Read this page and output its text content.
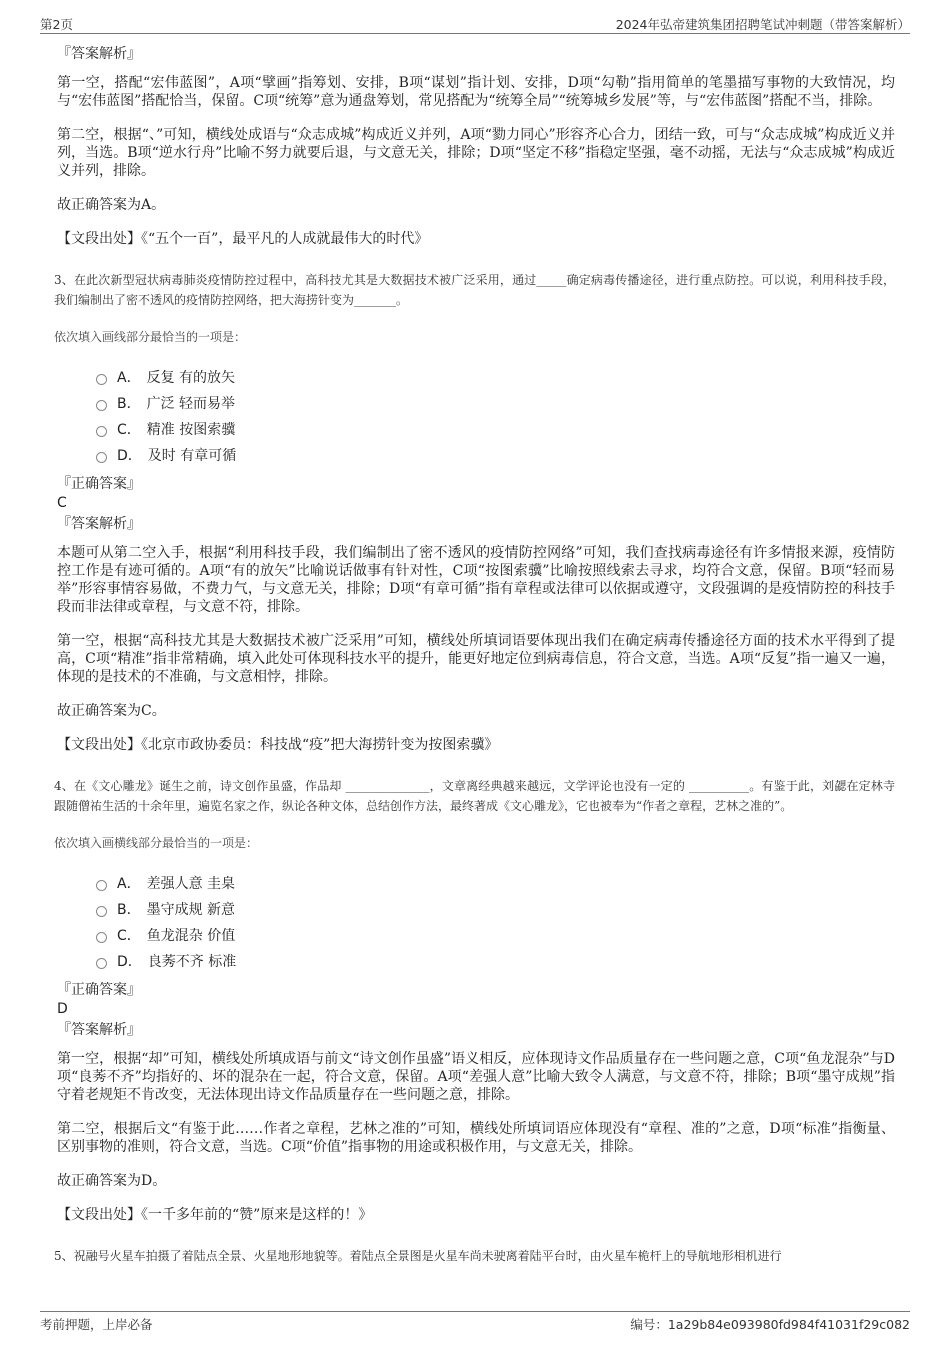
第2页	2024年弘帝建筑集团招聘笔试冲刺题（带答案解析）
『答案解析』

第一空，搭配“宏伟蓝图”，A项“擘画”指筹划、安排，B项“谋划”指计划、安排，D项“勾勒”指用简单的笔墨描写事物的大致情况，均与“宏伟蓝图”搭配恰当，保留。C项“统筹”意为通盘筹划，常见搭配为“统筹全局”“统筹城乡发展”等，与“宏伟蓝图”搭配不当，排除。

第二空，根据“、”可知，横线处成语与“众志成城”构成近义并列，A项“勠力同心”形容齐心合力，团结一致，可与“众志成城”构成近义并列，当选。B项“逆水行舟”比喻不努力就要后退，与文意无关，排除；D项“坚定不移”指稳定坚强，毫不动摇，无法与“众志成城”构成近义并列，排除。

故正确答案为A。

【文段出处】《“五个一百”，最平凡的人成就最伟大的时代》

3、在此次新型冠状病毒肺炎疫情防控过程中，高科技尤其是大数据技术被广泛采用，通过_____确定病毒传播途径，进行重点防控。可以说，利用科技手段，我们编制出了密不透风的疫情防控网络，把大海捞针变为_______。
依次填入画线部分最恰当的一项是：
A． 反复 有的放矢
B． 广泛 轻而易举
C． 精准 按图索骥
D． 及时 有章可循
『正确答案』
C
『答案解析』

本题可从第二空入手，根据“利用科技手段，我们编制出了密不透风的疫情防控网络”可知，我们查找病毒途径有许多情报来源，疫情防控工作是有迹可循的。A项“有的放矢”比喻说话做事有针对性，C项“按图索骥”比喻按照线索去寻求，均符合文意，保留。B项“轻而易举”形容事情容易做，不费力气，与文意无关，排除；D项“有章可循”指有章程或法律可以依据或遵守，文段强调的是疫情防控的科技手段而非法律或章程，与文意不符，排除。

第一空，根据“高科技尤其是大数据技术被广泛采用”可知，横线处所填词语要体现出我们在确定病毒传播途径方面的技术水平得到了提高，C项“精准”指非常精确，填入此处可体现科技水平的提升，能更好地定位到病毒信息，符合文意，当选。A项“反复”指一遍又一遍，体现的是技术的不准确，与文意相悖，排除。

故正确答案为C。

【文段出处】《北京市政协委员：科技战“疫”把大海捞针变为按图索骥》

4、在《文心雕龙》诞生之前，诗文创作虽盛，作品却 ______________，文章离经典越来越远，文学评论也没有一定的 __________。有鉴于此，刘勰在定林寺跟随僧祐生活的十余年里，遍览名家之作，纵论各种文体，总结创作方法，最终著成《文心雕龙》，它也被奉为“作者之章程，艺林之准的”。
依次填入画横线部分最恰当的一项是：
A． 差强人意 圭臬
B． 墨守成规 新意
C． 鱼龙混杂 价值
D． 良莠不齐 标准
『正确答案』
D
『答案解析』

第一空，根据“却”可知，横线处所填成语与前文“诗文创作虽盛”语义相反，应体现诗文作品质量存在一些问题之意，C项“鱼龙混杂”与D项“良莠不齐”均指好的、坏的混杂在一起，符合文意，保留。A项“差强人意”比喻大致令人满意，与文意不符，排除；B项“墨守成规”指守着老规矩不肯改变，无法体现出诗文作品质量存在一些问题之意，排除。

第二空，根据后文“有鉴于此……作者之章程，艺林之准的”可知，横线处所填词语应体现没有“章程、准的”之意，D项“标准”指衡量、区别事物的准则，符合文意，当选。C项“价值”指事物的用途或积极作用，与文意无关，排除。

故正确答案为D。

【文段出处】《一千多年前的“赞”原来是这样的！》

5、祝融号火星车拍摄了着陆点全景、火星地形地貌等。着陆点全景图是火星车尚未驶离着陆平台时，由火星车桅杆上的导航地形相机进行
考前押题，上岸必备	编号：1a29b84e093980fd984f41031f29c082
